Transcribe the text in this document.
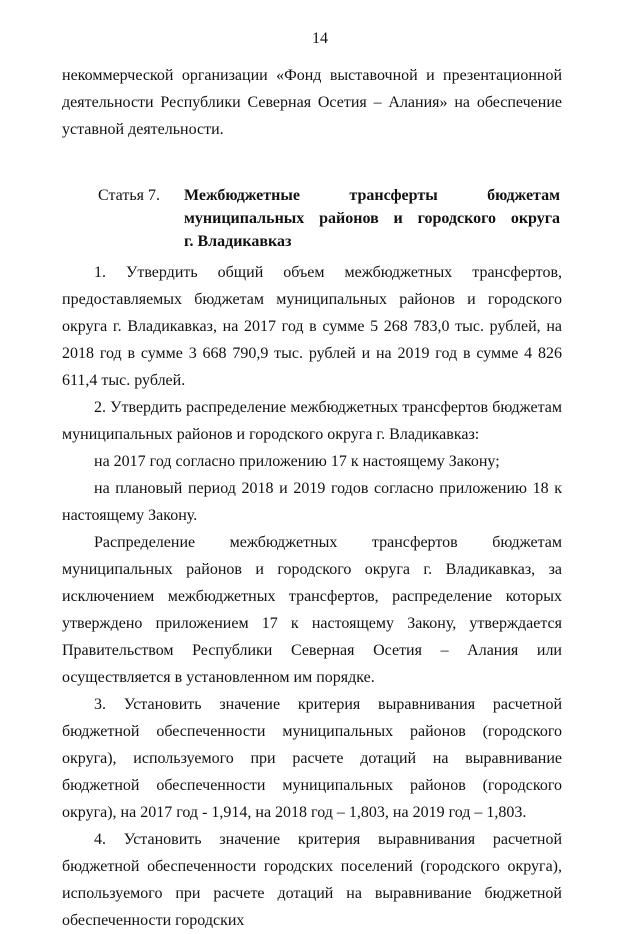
14

некоммерческой организации «Фонд выставочной и презентационной деятельности Республики Северная Осетия – Алания» на обеспечение уставной деятельности.

Статья 7.	Межбюджетные трансферты бюджетам
муниципальных районов и городского округа
г. Владикавказ

1. Утвердить общий объем межбюджетных трансфертов, предоставляемых бюджетам муниципальных районов и городского округа г. Владикавказ, на 2017 год в сумме 5 268 783,0 тыс. рублей, на 2018 год в сумме 3 668 790,9 тыс. рублей и на 2019 год в сумме 4 826 611,4 тыс. рублей.

2. Утвердить распределение межбюджетных трансфертов бюджетам муниципальных районов и городского округа г. Владикавказ:

на 2017 год согласно приложению 17 к настоящему Закону;

на плановый период 2018 и 2019 годов согласно приложению 18 к настоящему Закону.

Распределение межбюджетных трансфертов бюджетам муниципальных районов и городского округа г. Владикавказ, за исключением межбюджетных трансфертов, распределение которых утверждено приложением 17 к настоящему Закону, утверждается Правительством Республики Северная Осетия – Алания или осуществляется в установленном им порядке.

3. Установить значение критерия выравнивания расчетной бюджетной обеспеченности муниципальных районов (городского округа), используемого при расчете дотаций на выравнивание бюджетной обеспеченности муниципальных районов (городского округа), на 2017 год - 1,914, на 2018 год – 1,803, на 2019 год – 1,803.

4. Установить значение критерия выравнивания расчетной бюджетной обеспеченности городских поселений (городского округа), используемого при расчете дотаций на выравнивание бюджетной обеспеченности городских
